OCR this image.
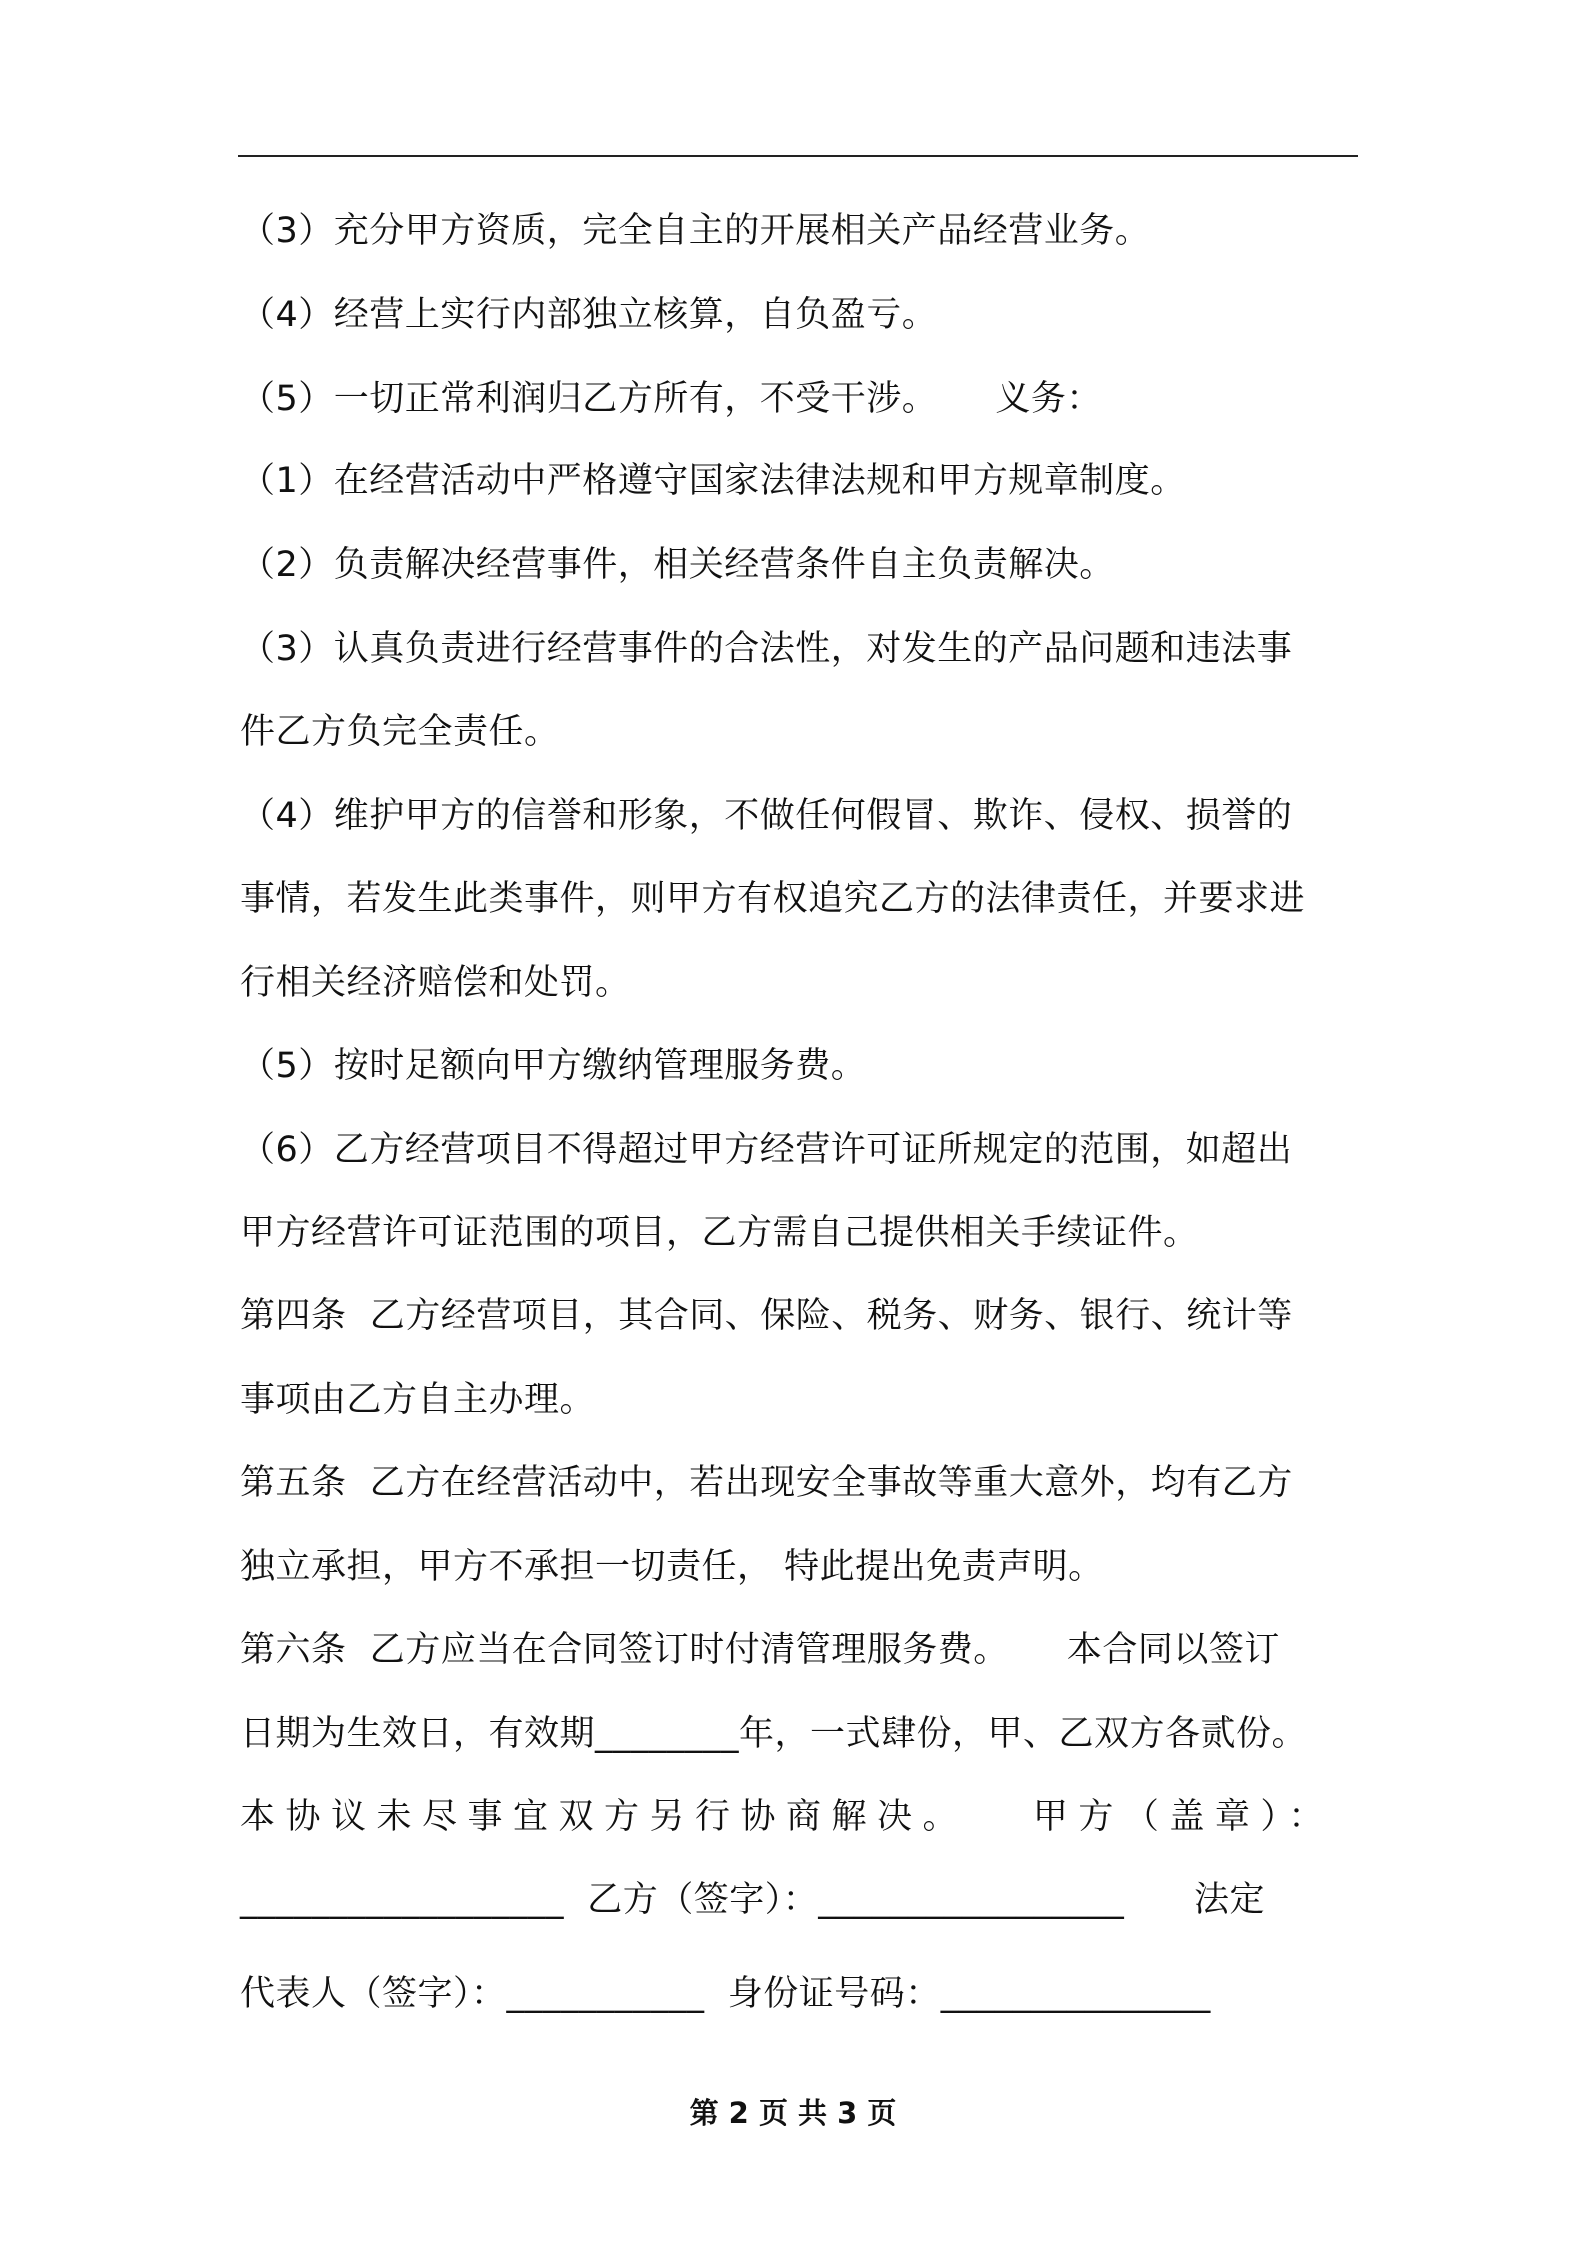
（3）充分甲方资质，完全自主的开展相关产品经营业务。
（4）经营上实行内部独立核算，自负盈亏。
（5）一切正常利润归乙方所有，不受干涉。     义务：
（1）在经营活动中严格遵守国家法律法规和甲方规章制度。
（2）负责解决经营事件，相关经营条件自主负责解决。
（3）认真负责进行经营事件的合法性，对发生的产品问题和违法事
件乙方负完全责任。
（4）维护甲方的信誉和形象，不做任何假冒、欺诈、侵权、损誉的
事情，若发生此类事件，则甲方有权追究乙方的法律责任，并要求进
行相关经济赔偿和处罚。
（5）按时足额向甲方缴纳管理服务费。
（6）乙方经营项目不得超过甲方经营许可证所规定的范围，如超出
甲方经营许可证范围的项目，乙方需自己提供相关手续证件。
第四条  乙方经营项目，其合同、保险、税务、财务、银行、统计等
事项由乙方自主办理。
第五条  乙方在经营活动中，若出现安全事故等重大意外，均有乙方
独立承担，甲方不承担一切责任， 特此提出免责声明。
第六条  乙方应当在合同签订时付清管理服务费。     本合同以签订
日期为生效日，有效期________年，一式肆份，甲、乙双方各贰份。
本协议未尽事宜双方另行协商解决。   甲方（盖章）：
__________________  乙方（签字）：_________________      法定
代表人（签字）：___________  身份证号码：_______________
第 2 页 共 3 页
